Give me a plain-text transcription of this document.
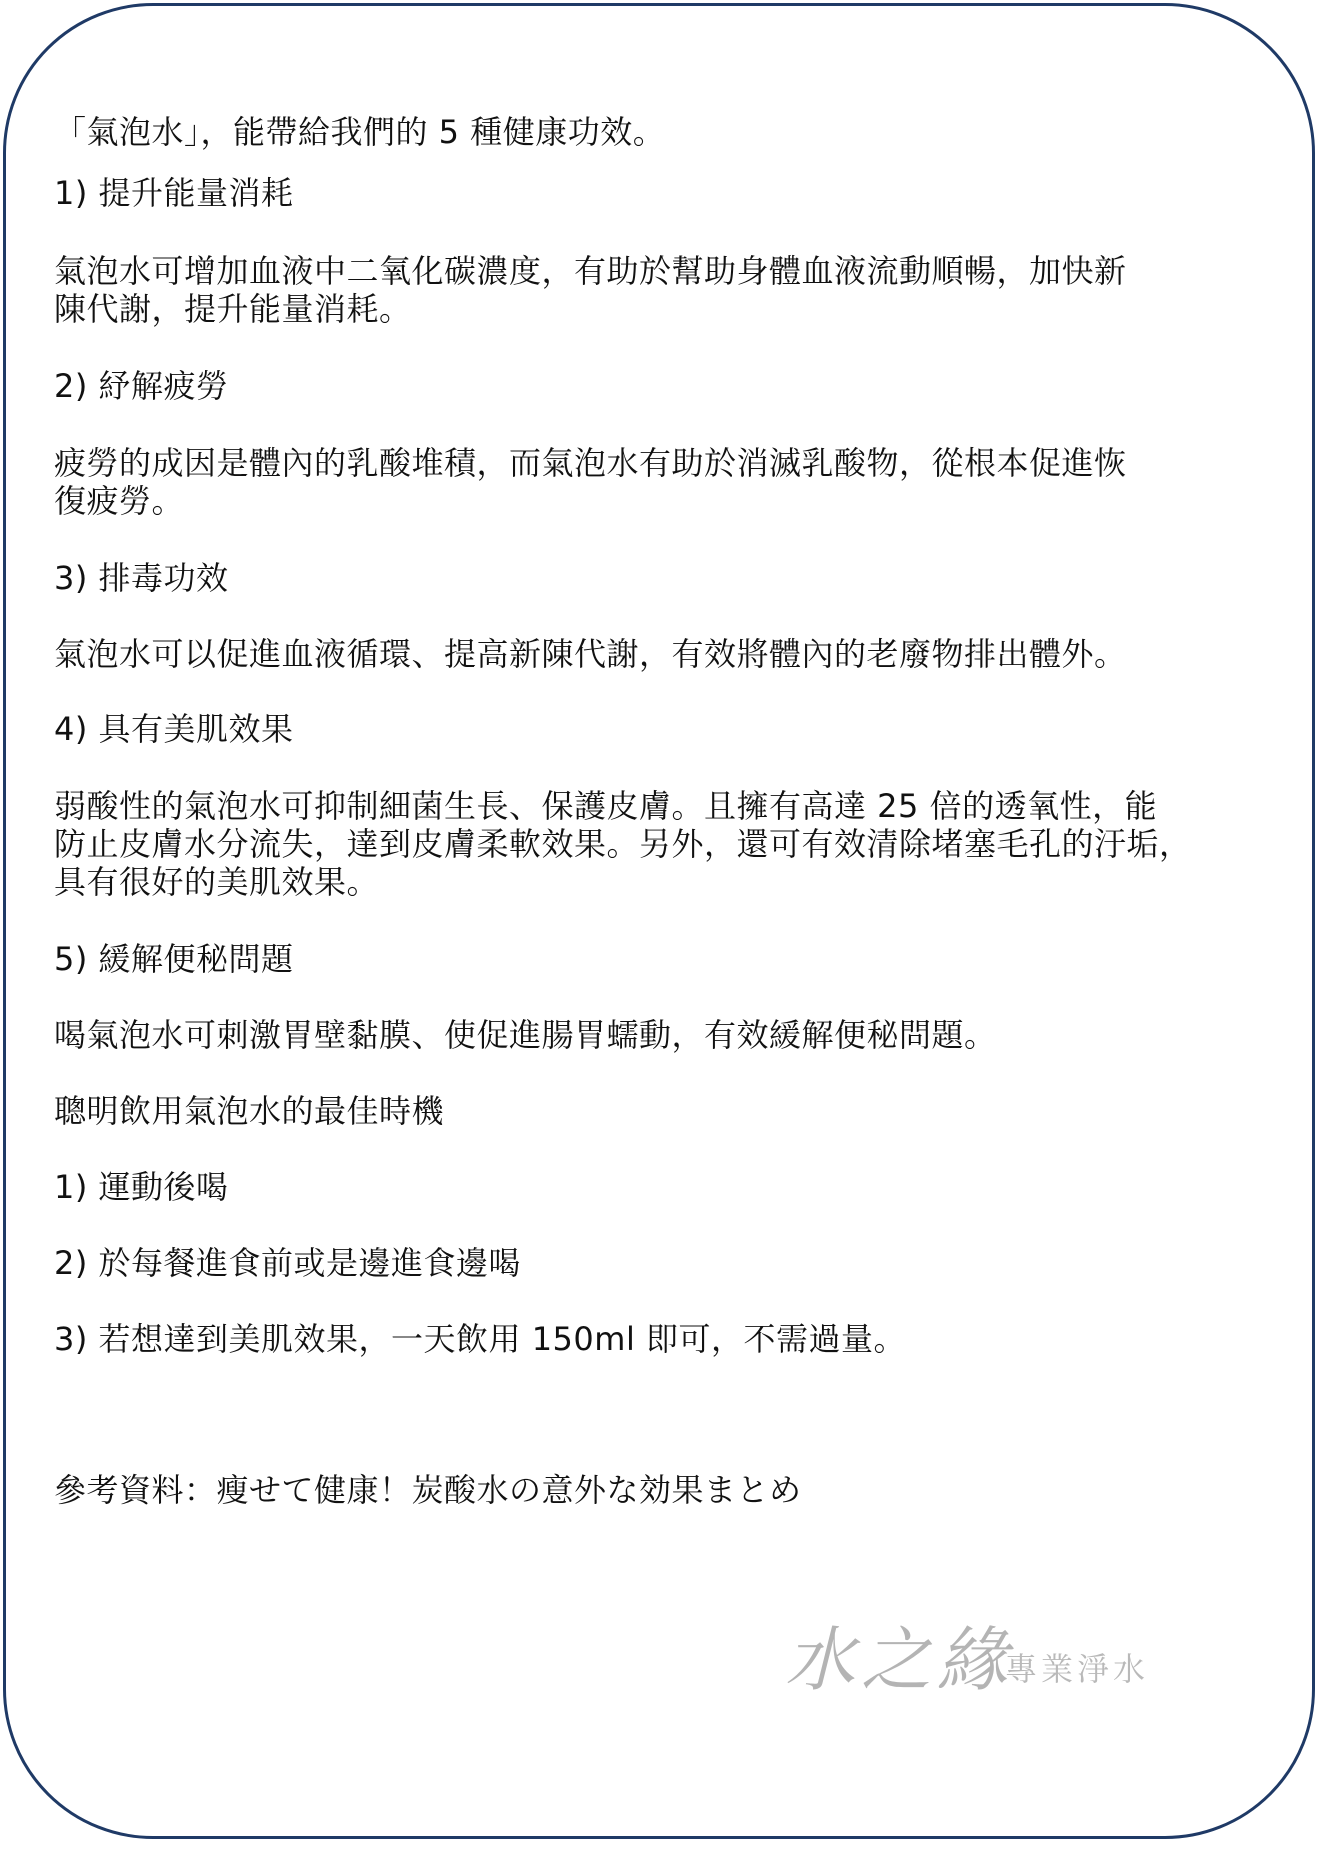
「氣泡水」，能帶給我們的 5 種健康功效。
1) 提升能量消耗
氣泡水可增加血液中二氧化碳濃度，有助於幫助身體血液流動順暢，加快新
陳代謝，提升能量消耗。
2) 紓解疲勞
疲勞的成因是體內的乳酸堆積，而氣泡水有助於消滅乳酸物，從根本促進恢
復疲勞。
3) 排毒功效
氣泡水可以促進血液循環、提高新陳代謝，有效將體內的老廢物排出體外。
4) 具有美肌效果
弱酸性的氣泡水可抑制細菌生長、保護皮膚。且擁有高達 25 倍的透氧性，能
防止皮膚水分流失，達到皮膚柔軟效果。另外，還可有效清除堵塞毛孔的汙垢，
具有很好的美肌效果。
5) 緩解便秘問題
喝氣泡水可刺激胃壁黏膜、使促進腸胃蠕動，有效緩解便秘問題。
聰明飲用氣泡水的最佳時機
1) 運動後喝
2) 於每餐進食前或是邊進食邊喝
3) 若想達到美肌效果，一天飲用 150ml 即可，不需過量。
參考資料：瘦せて健康！炭酸水の意外な効果まとめ
水之緣
專業淨水
